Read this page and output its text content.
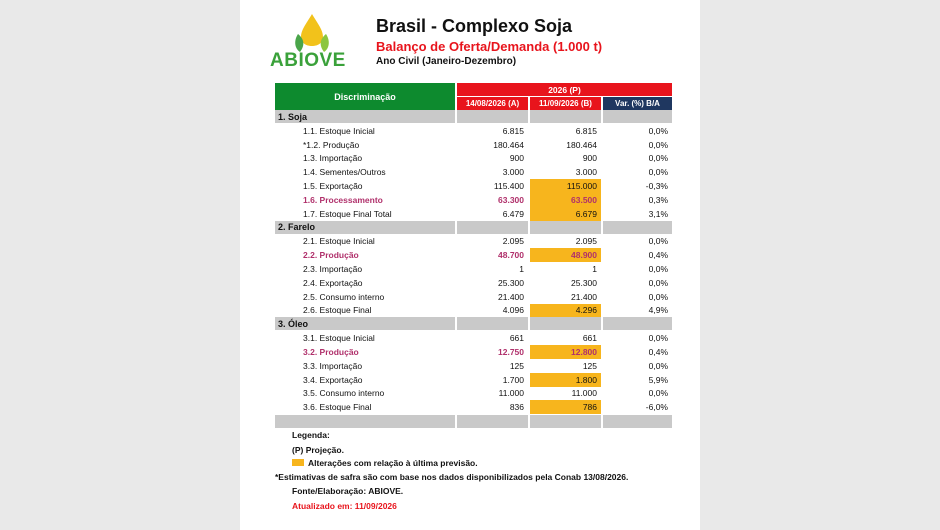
ABIOVE
Brasil - Complexo Soja
Balanço de Oferta/Demanda (1.000 t)
Ano Civil (Janeiro-Dezembro)
Discriminação
2026 (P)
14/08/2026 (A)	11/09/2026 (B)	Var. (%) B/A
1. Soja
1.1. Estoque Inicial	6.815	6.815	0,0%
*1.2. Produção	180.464	180.464	0,0%
1.3. Importação	900	900	0,0%
1.4. Sementes/Outros	3.000	3.000	0,0%
1.5. Exportação	115.400	115.000	-0,3%
1.6. Processamento	63.300	63.500	0,3%
1.7. Estoque Final Total	6.479	6.679	3,1%
2. Farelo
2.1. Estoque Inicial	2.095	2.095	0,0%
2.2. Produção	48.700	48.900	0,4%
2.3. Importação	1	1	0,0%
2.4. Exportação	25.300	25.300	0,0%
2.5. Consumo interno	21.400	21.400	0,0%
2.6. Estoque Final	4.096	4.296	4,9%
3. Óleo
3.1. Estoque Inicial	661	661	0,0%
3.2. Produção	12.750	12.800	0,4%
3.3. Importação	125	125	0,0%
3.4. Exportação	1.700	1.800	5,9%
3.5. Consumo interno	11.000	11.000	0,0%
3.6. Estoque Final	836	786	-6,0%
Legenda:
(P) Projeção.
Alterações com relação à última previsão.
*Estimativas de safra são com base nos dados disponibilizados pela Conab 13/08/2026.
Fonte/Elaboração: ABIOVE.
Atualizado em: 11/09/2026
